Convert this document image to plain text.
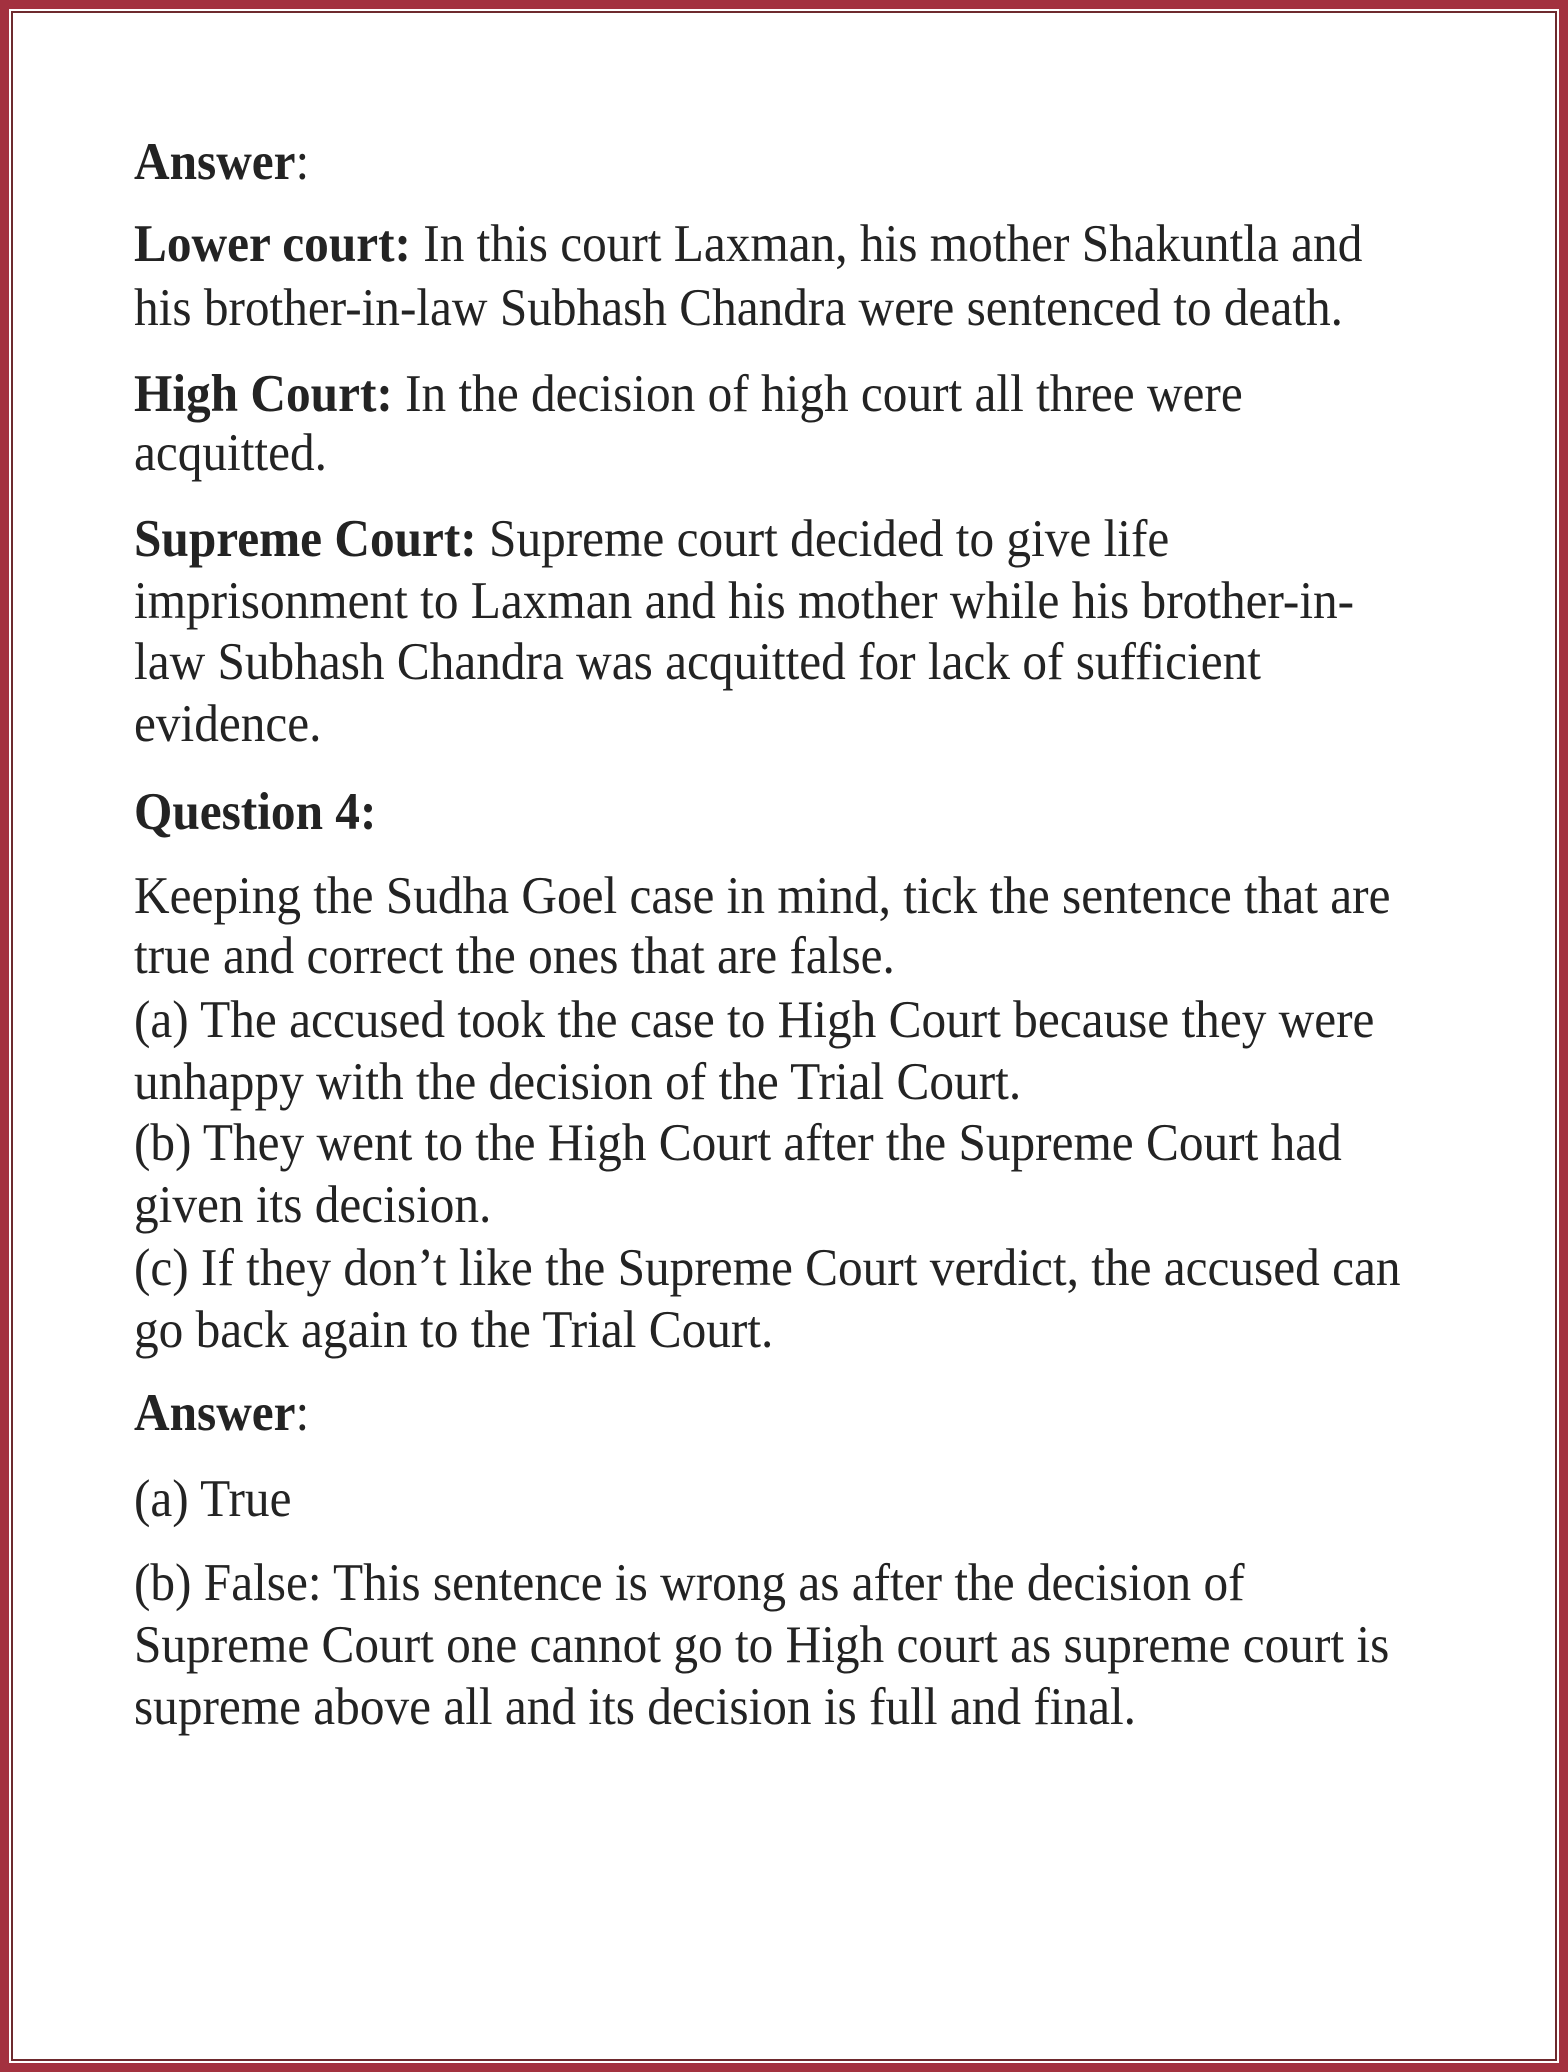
Answer:
Lower court: In this court Laxman, his mother Shakuntla and
his brother-in-law Subhash Chandra were sentenced to death.
High Court: In the decision of high court all three were
acquitted.
Supreme Court: Supreme court decided to give life
imprisonment to Laxman and his mother while his brother-in-
law Subhash Chandra was acquitted for lack of sufficient
evidence.
Question 4:
Keeping the Sudha Goel case in mind, tick the sentence that are
true and correct the ones that are false.
(a) The accused took the case to High Court because they were
unhappy with the decision of the Trial Court.
(b) They went to the High Court after the Supreme Court had
given its decision.
(c) If they don’t like the Supreme Court verdict, the accused can
go back again to the Trial Court.
Answer:
(a) True
(b) False: This sentence is wrong as after the decision of
Supreme Court one cannot go to High court as supreme court is
supreme above all and its decision is full and final.
